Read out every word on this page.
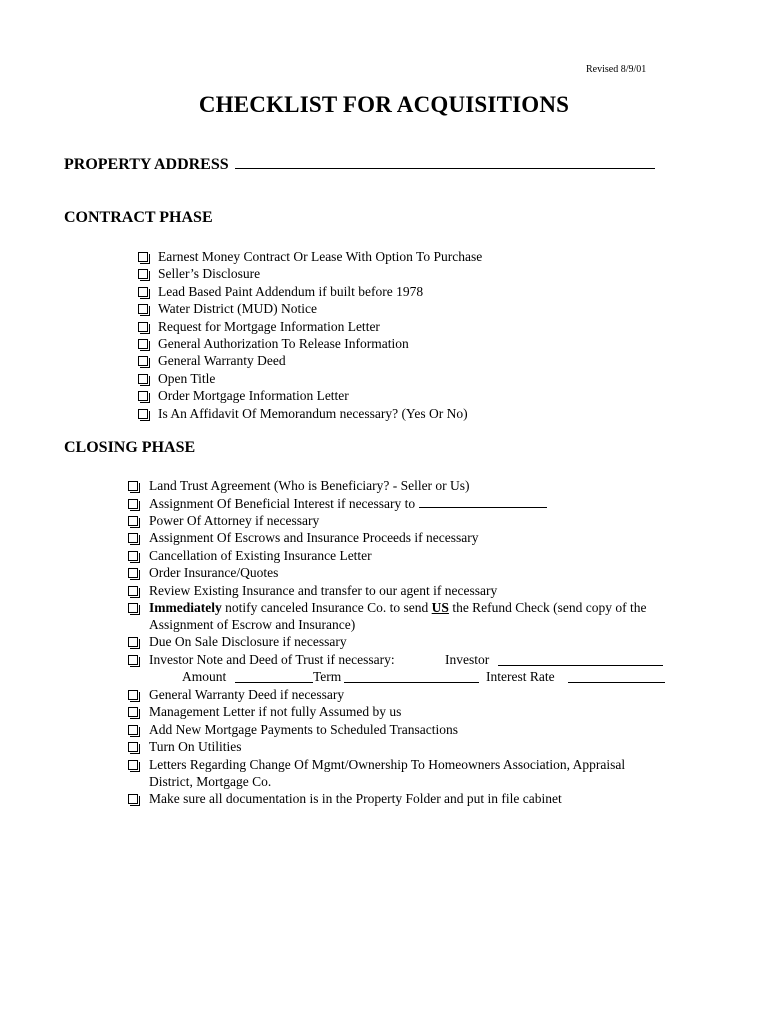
Revised 8/9/01
CHECKLIST FOR ACQUISITIONS
PROPERTY ADDRESS
CONTRACT PHASE
Earnest Money Contract Or Lease With Option To Purchase
Seller’s Disclosure
Lead Based Paint Addendum if built before 1978
Water District (MUD) Notice
Request for Mortgage Information Letter
General Authorization To Release Information
General Warranty Deed
Open Title
Order Mortgage Information Letter
Is An Affidavit Of Memorandum necessary? (Yes Or No)
CLOSING PHASE
Land Trust Agreement (Who is Beneficiary? - Seller or Us)
Assignment Of Beneficial Interest if necessary to
Power Of Attorney if necessary
Assignment Of Escrows and Insurance Proceeds if necessary
Cancellation of Existing Insurance Letter
Order Insurance/Quotes
Review Existing Insurance and transfer to our agent if necessary
Immediately notify canceled Insurance Co. to send US the Refund Check (send copy of the
Assignment of Escrow and Insurance)
Due On Sale Disclosure if necessary
Investor Note and Deed of Trust if necessary:	Investor
Amount	Term	Interest Rate
General Warranty Deed if necessary
Management Letter if not fully Assumed by us
Add New Mortgage Payments to Scheduled Transactions
Turn On Utilities
Letters Regarding Change Of Mgmt/Ownership To Homeowners Association, Appraisal
District, Mortgage Co.
Make sure all documentation is in the Property Folder and put in file cabinet
